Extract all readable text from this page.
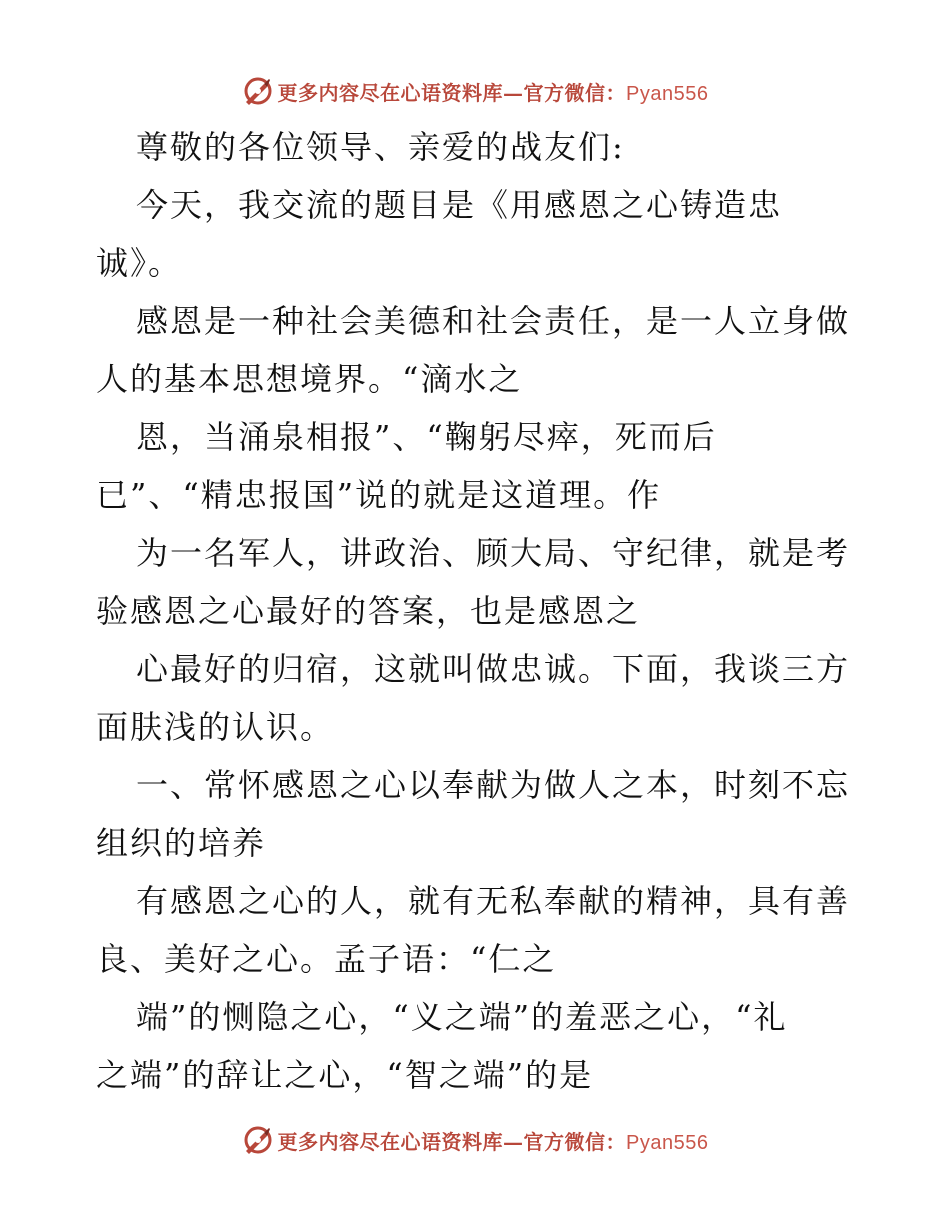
更多内容尽在心语资料库—官方微信：Pyan556
尊敬的各位领导、亲爱的战友们:
今天，我交流的题目是《用感恩之心铸造忠
诚》。
感恩是一种社会美德和社会责任，是一人立身做
人的基本思想境界。“滴水之
恩，当涌泉相报”、“鞠躬尽瘁，死而后
已”、“精忠报国”说的就是这道理。作
为一名军人，讲政治、顾大局、守纪律，就是考
验感恩之心最好的答案，也是感恩之
心最好的归宿，这就叫做忠诚。下面，我谈三方
面肤浅的认识。
一、常怀感恩之心以奉献为做人之本，时刻不忘
组织的培养
有感恩之心的人，就有无私奉献的精神，具有善
良、美好之心。孟子语：“仁之
端”的恻隐之心，“义之端”的羞恶之心，“礼
之端”的辞让之心，“智之端”的是
更多内容尽在心语资料库—官方微信：Pyan556
